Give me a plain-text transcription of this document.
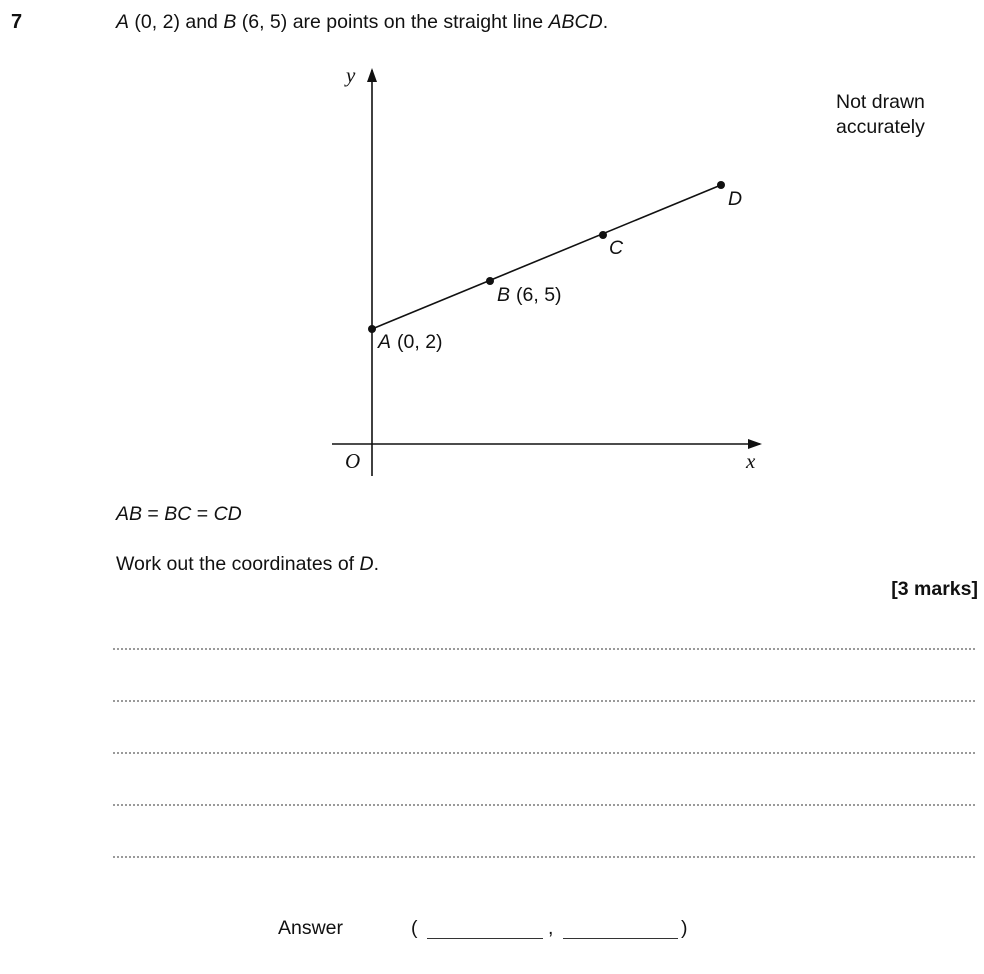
7	A (0, 2) and B (6, 5) are points on the straight line ABCD.
Not drawn
accurately
y
x
O
A (0, 2)
B (6, 5)
C
D
AB = BC = CD
Work out the coordinates of D.
[3 marks]
Answer	(	,	)
